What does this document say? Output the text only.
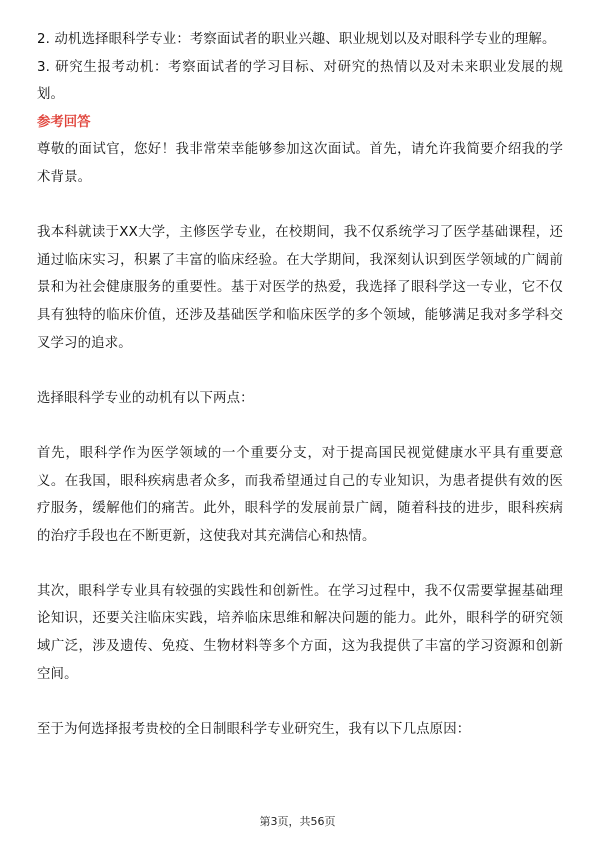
2. 动机选择眼科学专业：考察面试者的职业兴趣、职业规划以及对眼科学专业的理解。

3. 研究生报考动机：考察面试者的学习目标、对研究的热情以及对未来职业发展的规划。

参考回答

尊敬的面试官，您好！我非常荣幸能够参加这次面试。首先，请允许我简要介绍我的学术背景。

我本科就读于XX大学，主修医学专业，在校期间，我不仅系统学习了医学基础课程，还通过临床实习，积累了丰富的临床经验。在大学期间，我深刻认识到医学领域的广阔前景和为社会健康服务的重要性。基于对医学的热爱，我选择了眼科学这一专业，它不仅具有独特的临床价值，还涉及基础医学和临床医学的多个领域，能够满足我对多学科交叉学习的追求。

选择眼科学专业的动机有以下两点：

首先，眼科学作为医学领域的一个重要分支，对于提高国民视觉健康水平具有重要意义。在我国，眼科疾病患者众多，而我希望通过自己的专业知识，为患者提供有效的医疗服务，缓解他们的痛苦。此外，眼科学的发展前景广阔，随着科技的进步，眼科疾病的治疗手段也在不断更新，这使我对其充满信心和热情。

其次，眼科学专业具有较强的实践性和创新性。在学习过程中，我不仅需要掌握基础理论知识，还要关注临床实践，培养临床思维和解决问题的能力。此外，眼科学的研究领域广泛，涉及遗传、免疫、生物材料等多个方面，这为我提供了丰富的学习资源和创新空间。

至于为何选择报考贵校的全日制眼科学专业研究生，我有以下几点原因：

第3页，共56页
